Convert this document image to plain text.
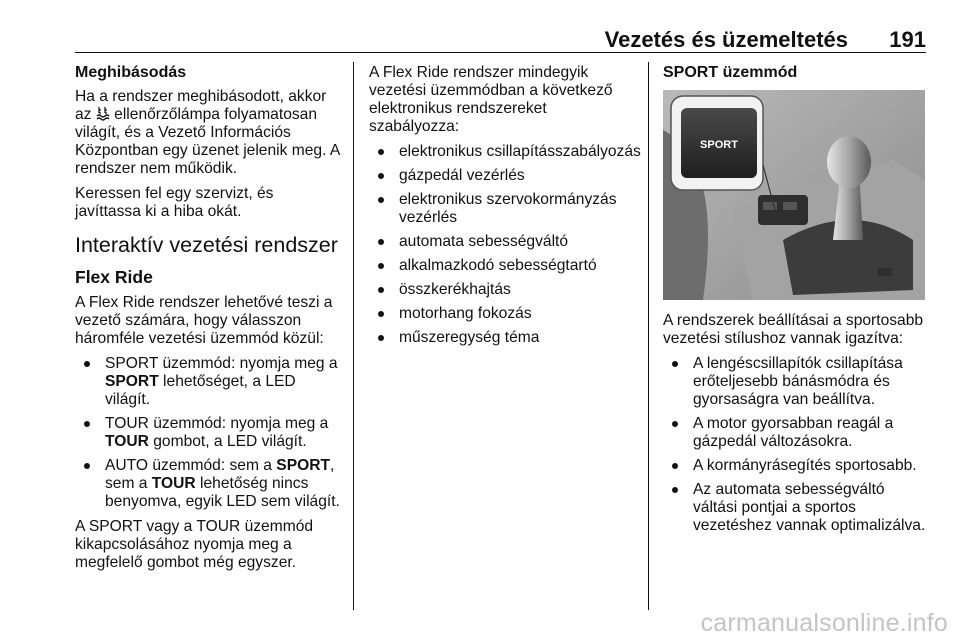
Vezetés és üzemeltetés 191
Meghibásodás

Ha a rendszer meghibásodott, akkor az ellenőrzőlámpa folyamatosan világít, és a Vezető Információs Központban egy üzenet jelenik meg. A rendszer nem működik.

Keressen fel egy szervizt, és javíttassa ki a hiba okát.

Interaktív vezetési rendszer
Flex Ride

A Flex Ride rendszer lehetővé teszi a vezető számára, hogy válasszon háromféle vezetési üzemmód közül:

SPORT üzemmód: nyomja meg a SPORT lehetőséget, a LED világít.
TOUR üzemmód: nyomja meg a TOUR gombot, a LED világít.
AUTO üzemmód: sem a SPORT, sem a TOUR lehetőség nincs benyomva, egyik LED sem világít.

A SPORT vagy a TOUR üzemmód kikapcsolásához nyomja meg a megfelelő gombot még egyszer.

A Flex Ride rendszer mindegyik vezetési üzemmódban a következő elektronikus rendszereket szabályozza:

elektronikus csillapításszabályozás
gázpedál vezérlés
elektronikus szervokormányzás vezérlés
automata sebességváltó
alkalmazkodó sebességtartó
összkerékhajtás
motorhang fokozás
műszeregység téma
SPORT üzemmód
SPORT

A rendszerek beállításai a sportosabb vezetési stílushoz vannak igazítva:

A lengéscsillapítók csillapítása erőteljesebb bánásmódra és gyorsaságra van beállítva.
A motor gyorsabban reagál a gázpedál változásokra.
A kormányrásegítés sportosabb.
Az automata sebességváltó váltási pontjai a sportos vezetéshez vannak optimalizálva.
carmanualsonline.info
